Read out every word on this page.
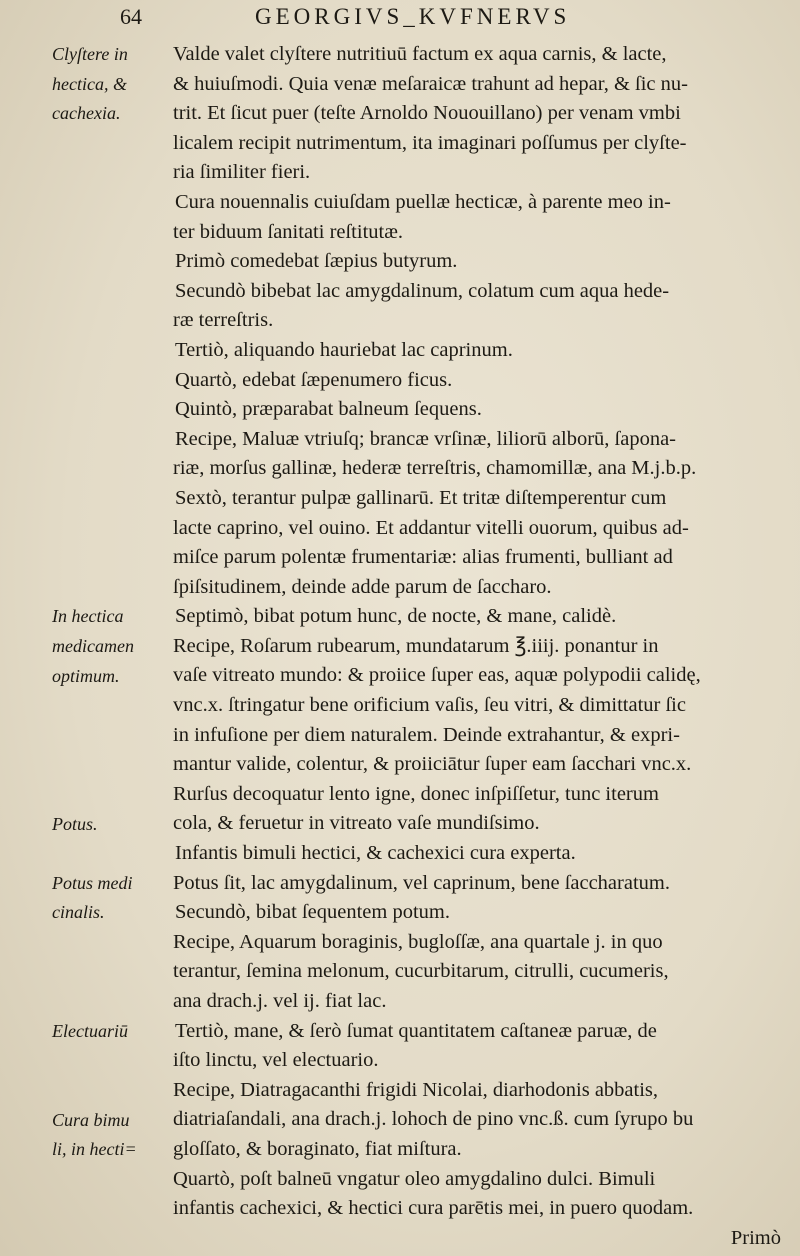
64	GEORGIVS_KVFNERVS
Clyſtere in
hectica, &
cachexia.
In hectica
medicamen
optimum.
Potus.
Potus medi
cinalis.
Electuariū
Cura bimu
li, in hecti=
Valde valet clyſtere nutritiuū factum ex aqua carnis, & lacte,
& huiuſmodi. Quia venæ meſaraicæ trahunt ad hepar, & ſic nu-
trit. Et ſicut puer (teſte Arnoldo Nououillano) per venam vmbi
licalem recipit nutrimentum, ita imaginari poſſumus per clyſte-
ria ſimiliter fieri.
Cura nouennalis cuiuſdam puellæ hecticæ, à parente meo in-
ter biduum ſanitati reſtitutæ.
Primò comedebat ſæpius butyrum.
Secundò bibebat lac amygdalinum, colatum cum aqua hede-
ræ terreſtris.
Tertiò, aliquando hauriebat lac caprinum.
Quartò, edebat ſæpenumero ficus.
Quintò, præparabat balneum ſequens.
Recipe, Maluæ vtriuſq; brancæ vrſinæ, liliorū alborū, ſapona-
riæ, morſus gallinæ, hederæ terreſtris, chamomillæ, ana M.j.b.p.
Sextò, terantur pulpæ gallinarū. Et tritæ diſtemperentur cum
lacte caprino, vel ouino. Et addantur vitelli ouorum, quibus ad-
miſce parum polentæ frumentariæ: alias frumenti, bulliant ad
ſpiſsitudinem, deinde adde parum de ſaccharo.
Septimò, bibat potum hunc, de nocte, & mane, calidè.
Recipe, Roſarum rubearum, mundatarum ℥.iiij. ponantur in
vaſe vitreato mundo: & proiice ſuper eas, aquæ polypodii calidę,
vnc.x. ſtringatur bene orificium vaſis, ſeu vitri, & dimittatur ſic
in infuſione per diem naturalem. Deinde extrahantur, & expri-
mantur valide, colentur, & proiiciātur ſuper eam ſacchari vnc.x.
Rurſus decoquatur lento igne, donec inſpiſſetur, tunc iterum
cola, & feruetur in vitreato vaſe mundiſsimo.
Infantis bimuli hectici, & cachexici cura experta.
Potus ſit, lac amygdalinum, vel caprinum, bene ſaccharatum.
Secundò, bibat ſequentem potum.
Recipe, Aquarum boraginis, bugloſſæ, ana quartale j. in quo
terantur, ſemina melonum, cucurbitarum, citrulli, cucumeris,
ana drach.j. vel ij. fiat lac.
Tertiò, mane, & ſerò ſumat quantitatem caſtaneæ paruæ, de
iſto linctu, vel electuario.
Recipe, Diatragacanthi frigidi Nicolai, diarhodonis abbatis,
diatriaſandali, ana drach.j. lohoch de pino vnc.ß. cum ſyrupo bu
gloſſato, & boraginato, fiat miſtura.
Quartò, poſt balneū vngatur oleo amygdalino dulci. Bimuli
infantis cachexici, & hectici cura parētis mei, in puero quodam.
Primò
